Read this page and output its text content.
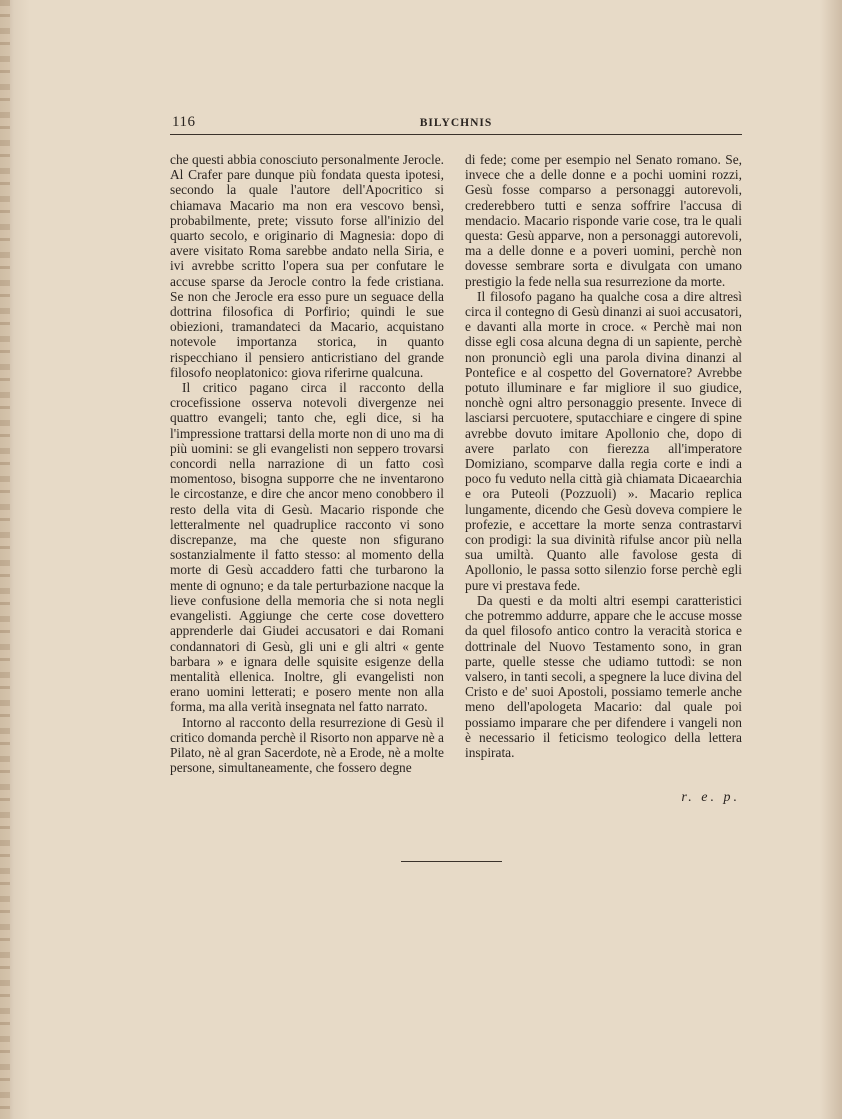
116	BILYCHNIS

che questi abbia conosciuto personalmente Jerocle. Al Crafer pare dunque più fondata questa ipotesi, secondo la quale l'autore dell'Apocritico si chiamava Macario ma non era vescovo bensì, probabilmente, prete; vissuto forse all'inizio del quarto secolo, e originario di Magnesia: dopo di avere visitato Roma sarebbe andato nella Siria, e ivi avrebbe scritto l'opera sua per confutare le accuse sparse da Jerocle contro la fede cristiana. Se non che Jerocle era esso pure un seguace della dottrina filosofica di Porfirio; quindi le sue obiezioni, tramandateci da Macario, acquistano notevole importanza storica, in quanto rispecchiano il pensiero anticristiano del grande filosofo neoplatonico: giova riferirne qualcuna.

Il critico pagano circa il racconto della crocefissione osserva notevoli divergenze nei quattro evangeli; tanto che, egli dice, si ha l'impressione trattarsi della morte non di uno ma di più uomini: se gli evangelisti non seppero trovarsi concordi nella narrazione di un fatto così momentoso, bisogna supporre che ne inventarono le circostanze, e dire che ancor meno conobbero il resto della vita di Gesù. Macario risponde che letteralmente nel quadruplice racconto vi sono discrepanze, ma che queste non sfigurano sostanzialmente il fatto stesso: al momento della morte di Gesù accaddero fatti che turbarono la mente di ognuno; e da tale perturbazione nacque la lieve confusione della memoria che si nota negli evangelisti. Aggiunge che certe cose dovettero apprenderle dai Giudei accusatori e dai Romani condannatori di Gesù, gli uni e gli altri « gente barbara » e ignara delle squisite esigenze della mentalità ellenica. Inoltre, gli evangelisti non erano uomini letterati; e posero mente non alla forma, ma alla verità insegnata nel fatto narrato.

Intorno al racconto della resurrezione di Gesù il critico domanda perchè il Risorto non apparve nè a Pilato, nè al gran Sacerdote, nè a Erode, nè a molte persone, simultaneamente, che fossero degne

di fede; come per esempio nel Senato romano. Se, invece che a delle donne e a pochi uomini rozzi, Gesù fosse comparso a personaggi autorevoli, crederebbero tutti e senza soffrire l'accusa di mendacio. Macario risponde varie cose, tra le quali questa: Gesù apparve, non a personaggi autorevoli, ma a delle donne e a poveri uomini, perchè non dovesse sembrare sorta e divulgata con umano prestigio la fede nella sua resurrezione da morte.

Il filosofo pagano ha qualche cosa a dire altresì circa il contegno di Gesù dinanzi ai suoi accusatori, e davanti alla morte in croce. « Perchè mai non disse egli cosa alcuna degna di un sapiente, perchè non pronunciò egli una parola divina dinanzi al Pontefice e al cospetto del Governatore? Avrebbe potuto illuminare e far migliore il suo giudice, nonchè ogni altro personaggio presente. Invece di lasciarsi percuotere, sputacchiare e cingere di spine avrebbe dovuto imitare Apollonio che, dopo di avere parlato con fierezza all'imperatore Domiziano, scomparve dalla regia corte e indi a poco fu veduto nella città già chiamata Dicaearchia e ora Puteoli (Pozzuoli) ». Macario replica lungamente, dicendo che Gesù doveva compiere le profezie, e accettare la morte senza contrastarvi con prodigi: la sua divinità rifulse ancor più nella sua umiltà. Quanto alle favolose gesta di Apollonio, le passa sotto silenzio forse perchè egli pure vi prestava fede.

Da questi e da molti altri esempi caratteristici che potremmo addurre, appare che le accuse mosse da quel filosofo antico contro la veracità storica e dottrinale del Nuovo Testamento sono, in gran parte, quelle stesse che udiamo tuttodì: se non valsero, in tanti secoli, a spegnere la luce divina del Cristo e de' suoi Apostoli, possiamo temerle anche meno dell'apologeta Macario: dal quale poi possiamo imparare che per difendere i vangeli non è necessario il feticismo teologico della lettera inspirata.

r. e. p.
